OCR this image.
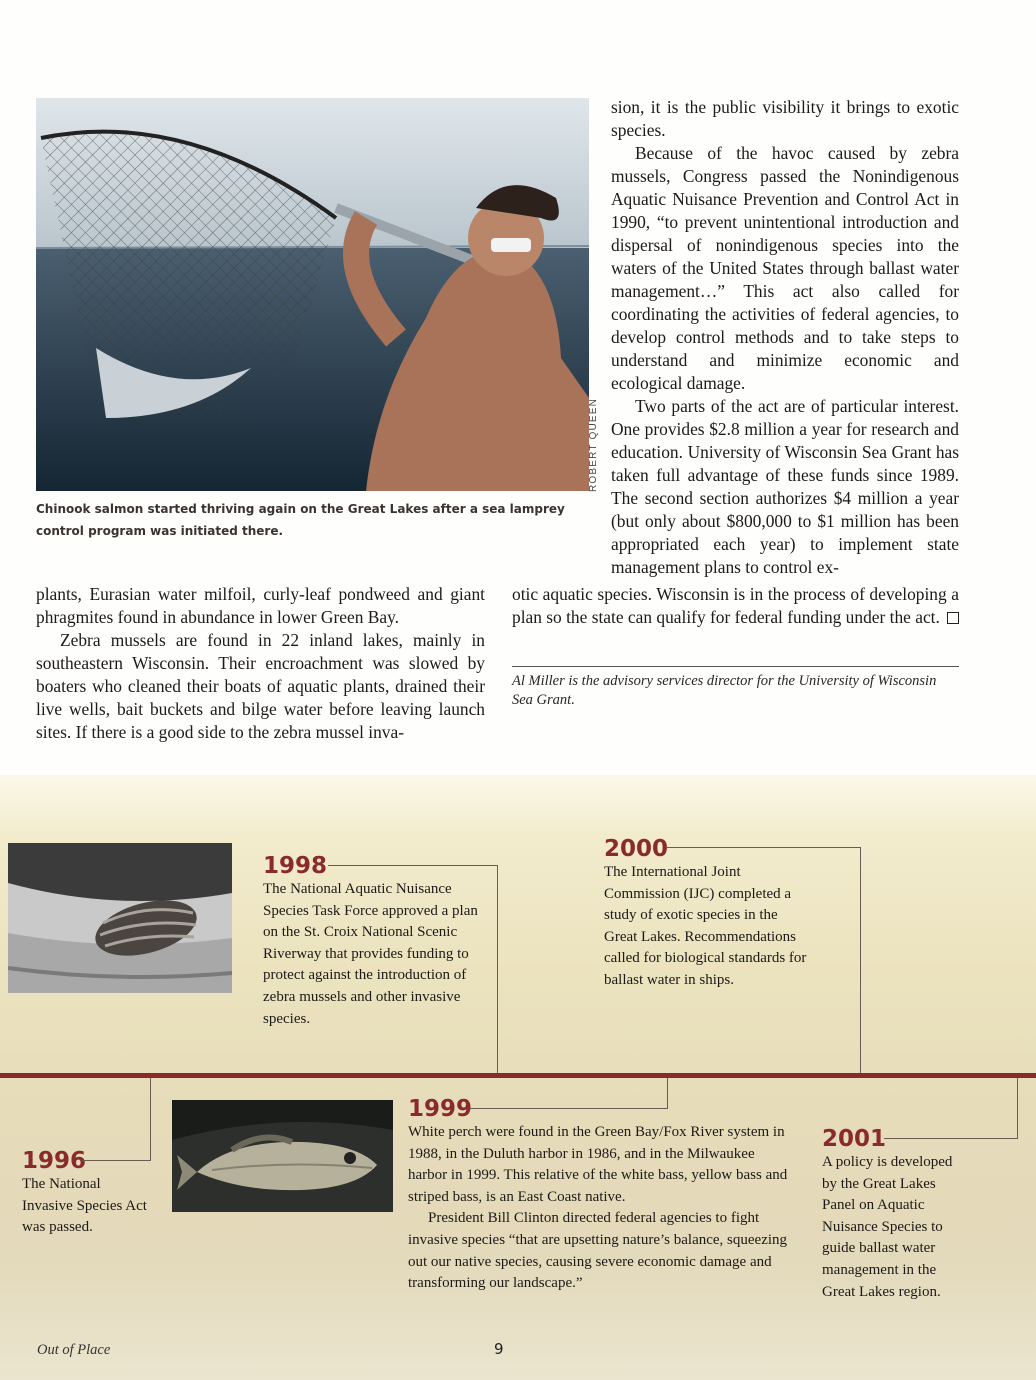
ROBERT QUEEN
Chinook salmon started thriving again on the Great Lakes after a sea lamprey control program was initiated there.

sion, it is the public visibility it brings to exotic species.

Because of the havoc caused by zebra mussels, Congress passed the Nonindigenous Aquatic Nuisance Prevention and Control Act in 1990, “to prevent unintentional introduction and dispersal of nonindigenous species into the waters of the United States through ballast water management…” This act also called for coordinating the activities of federal agencies, to develop control methods and to take steps to understand and minimize economic and ecological damage.

Two parts of the act are of particular interest. One provides $2.8 million a year for research and education. University of Wisconsin Sea Grant has taken full advantage of these funds since 1989. The second section authorizes $4 million a year (but only about $800,000 to $1 million has been appropriated each year) to implement state management plans to control ex-

otic aquatic species. Wisconsin is in the process of developing a plan so the state can qualify for federal funding under the act.

plants, Eurasian water milfoil, curly-leaf pondweed and giant phragmites found in abundance in lower Green Bay.

Zebra mussels are found in 22 inland lakes, mainly in southeastern Wisconsin. Their encroachment was slowed by boaters who cleaned their boats of aquatic plants, drained their live wells, bait buckets and bilge water before leaving launch sites. If there is a good side to the zebra mussel inva-

Al Miller is the advisory services director for the University of Wisconsin Sea Grant.
1998
The National Aquatic Nuisance Species Task Force approved a plan on the St. Croix National Scenic Riverway that provides funding to protect against the introduction of zebra mussels and other invasive species.
2000
The International Joint Commission (IJC) completed a study of exotic species in the Great Lakes. Recommendations called for biological standards for ballast water in ships.
1996
The National Invasive Species Act was passed.
1999

White perch were found in the Green Bay/Fox River system in 1988, in the Duluth harbor in 1986, and in the Milwaukee harbor in 1999. This relative of the white bass, yellow bass and striped bass, is an East Coast native.

President Bill Clinton directed federal agencies to fight invasive species “that are upsetting nature’s balance, squeezing out our native species, causing severe economic damage and transforming our landscape.”

2001
A policy is developed by the Great Lakes Panel on Aquatic Nuisance Species to guide ballast water management in the Great Lakes region.
Out of Place	9
